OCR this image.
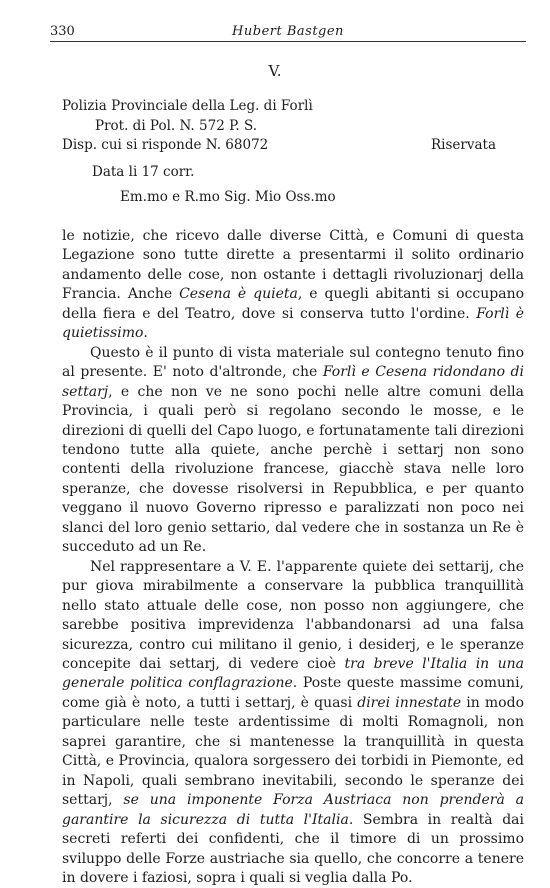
330	Hubert Bastgen
V.
Polizia Provinciale della Leg. di Forlì
Prot. di Pol. N. 572 P. S.
Disp. cui si risponde N. 68072	Riservata
Data li 17 corr.
Em.mo e R.mo Sig. Mio Oss.mo

le notizie, che ricevo dalle diverse Città, e Comuni di questa Legazione sono tutte dirette a presentarmi il solito ordinario andamento delle cose, non ostante i dettagli rivoluzionarj della Francia. Anche Cesena è quieta, e quegli abitanti si occupano della fiera e del Teatro, dove si conserva tutto l'ordine. Forlì è quietissimo.

Questo è il punto di vista materiale sul contegno tenuto fino al presente. E' noto d'altronde, che Forlì e Cesena ridondano di settarj, e che non ve ne sono pochi nelle altre comuni della Provincia, i quali però si regolano secondo le mosse, e le direzioni di quelli del Capo luogo, e fortunatamente tali direzioni tendono tutte alla quiete, anche perchè i settarj non sono contenti della rivoluzione francese, giacchè stava nelle loro speranze, che dovesse risolversi in Repubblica, e per quanto veggano il nuovo Governo ripresso e paralizzati non poco nei slanci del loro genio settario, dal vedere che in sostanza un Re è succeduto ad un Re.

Nel rappresentare a V. E. l'apparente quiete dei settarij, che pur giova mirabilmente a conservare la pubblica tranquillità nello stato attuale delle cose, non posso non aggiungere, che sarebbe positiva imprevidenza l'abbandonarsi ad una falsa sicurezza, contro cui militano il genio, i desiderj, e le speranze concepite dai settarj, di vedere cioè tra breve l'Italia in una generale politica conflagrazione. Poste queste massime comuni, come già è noto, a tutti i settarj, è quasi direi innestate in modo particulare nelle teste ardentissime di molti Romagnoli, non saprei garantire, che si mantenesse la tranquillità in questa Città, e Provincia, qualora sorgessero dei torbidi in Piemonte, ed in Napoli, quali sembrano inevitabili, secondo le speranze dei settarj, se una imponente Forza Austriaca non prenderà a garantire la sicurezza di tutta l'Italia. Sembra in realtà dai secreti referti dei confidenti, che il timore di un prossimo sviluppo delle Forze austriache sia quello, che concorre a tenere in dovere i faziosi, sopra i quali si veglia dalla Po.
